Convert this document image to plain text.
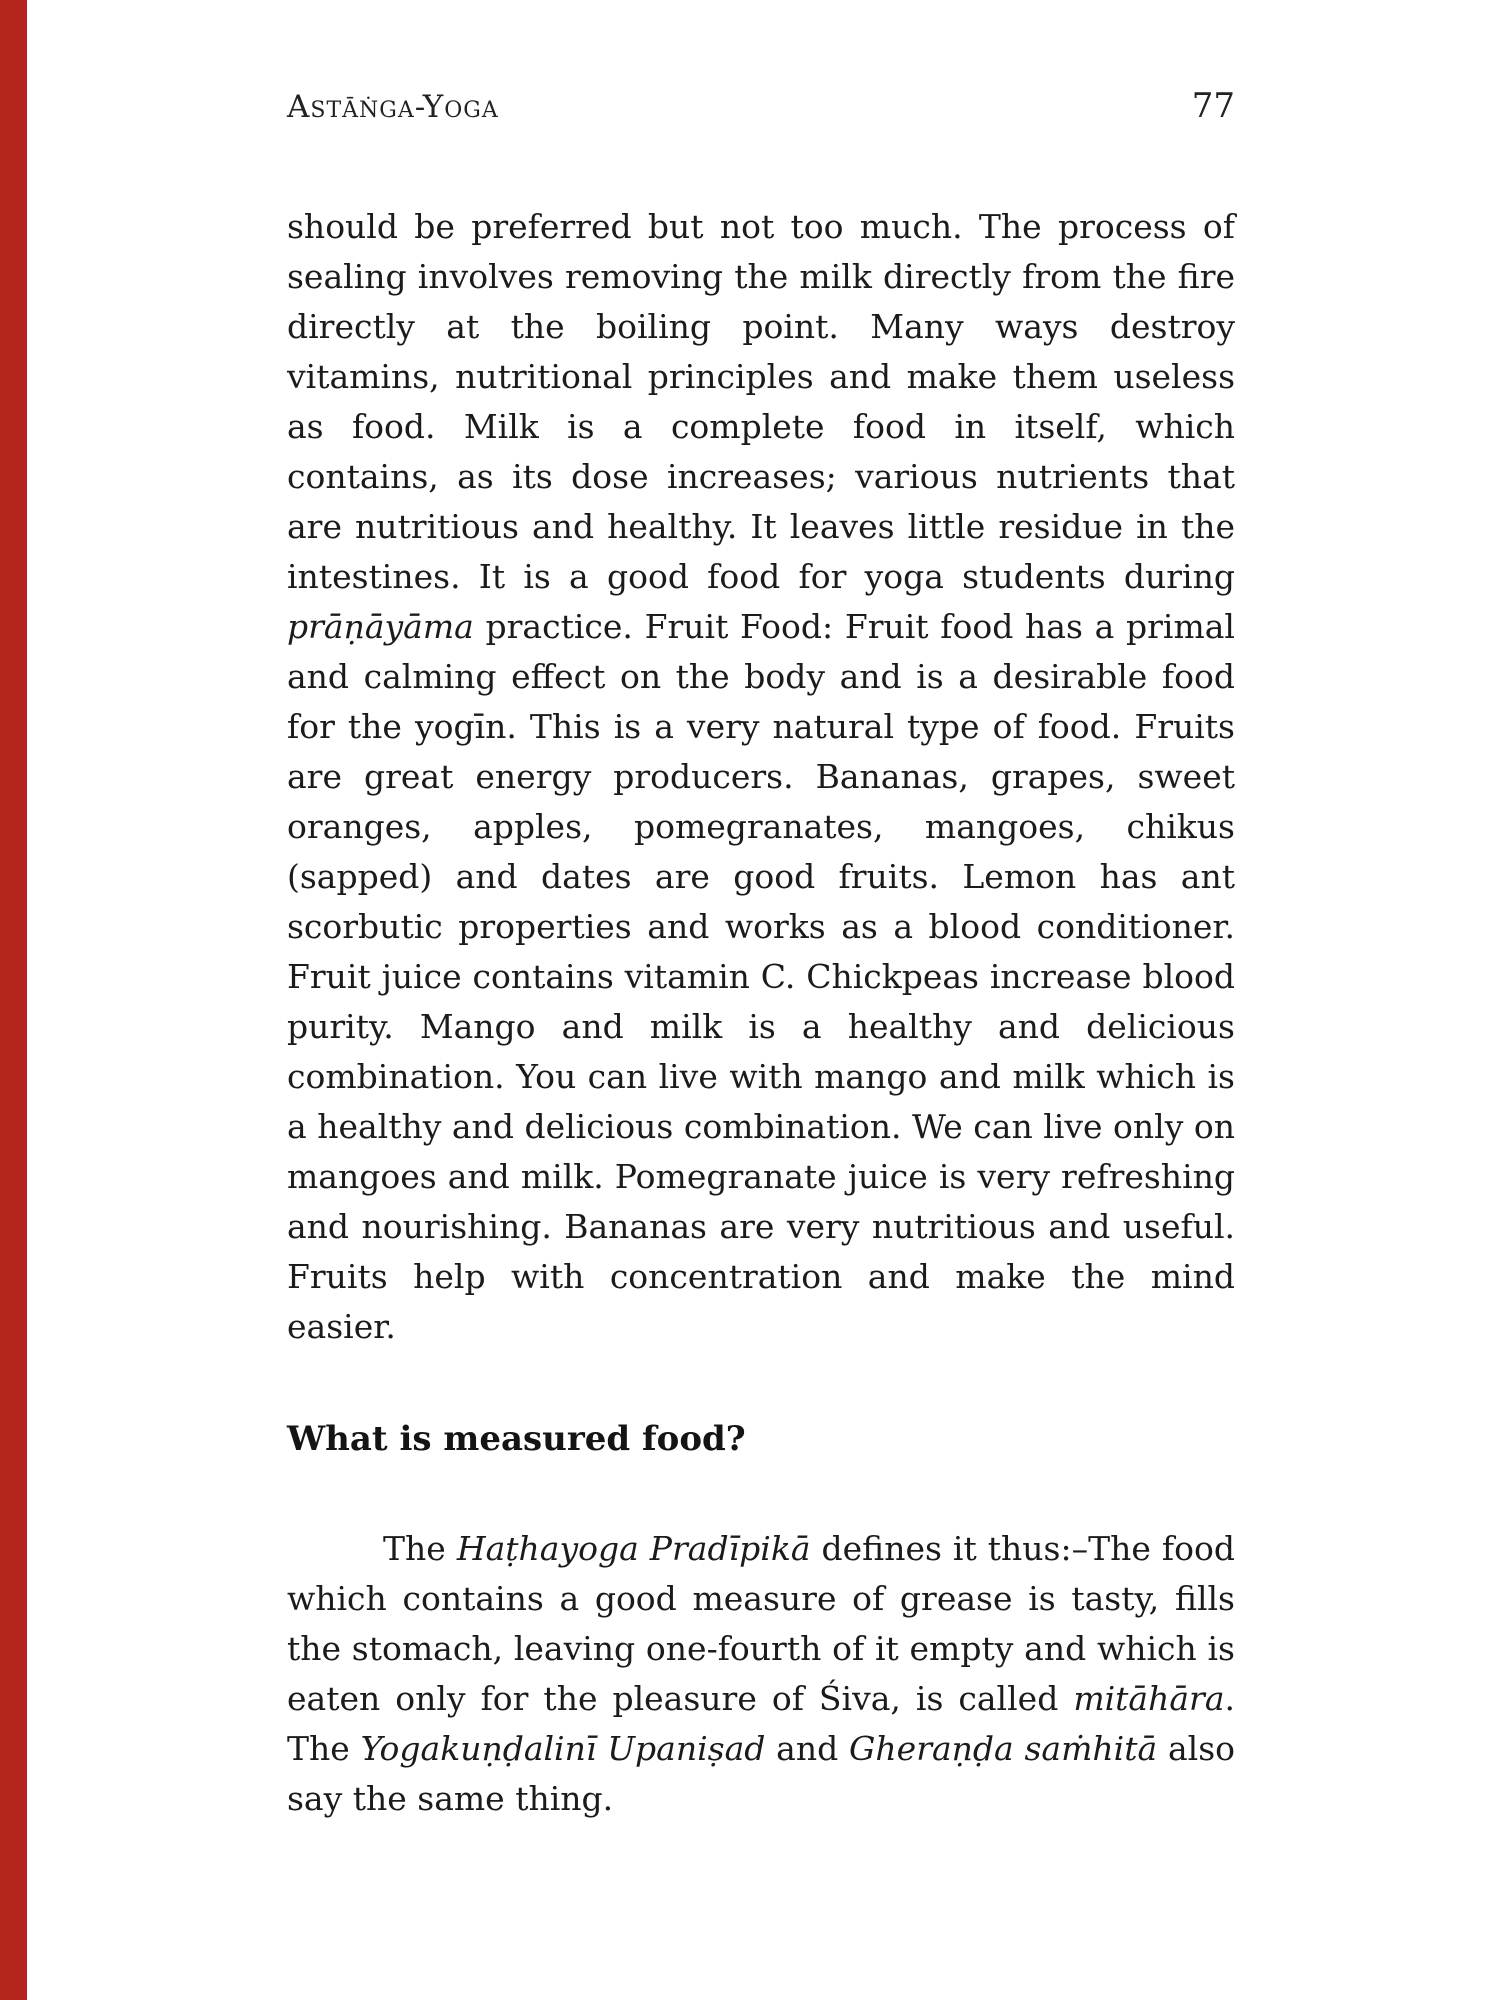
Astāṅga-Yoga	77

should be preferred but not too much. The process of sealing involves removing the milk directly from the fire directly at the boiling point. Many ways destroy vitamins, nutritional principles and make them useless as food. Milk is a complete food in itself, which contains, as its dose increases; various nutrients that are nutritious and healthy. It leaves little residue in the intestines. It is a good food for yoga students during prāṇāyāma practice. Fruit Food: Fruit food has a primal and calming effect on the body and is a desirable food for the yogīn. This is a very natural type of food. Fruits are great energy producers. Bananas, grapes, sweet oranges, apples, pomegranates, mangoes, chikus (sapped) and dates are good fruits. Lemon has ant scorbutic properties and works as a blood conditioner. Fruit juice contains vitamin C. Chickpeas increase blood purity. Mango and milk is a healthy and delicious combination. You can live with mango and milk which is a healthy and delicious combination. We can live only on mangoes and milk. Pomegranate juice is very refreshing and nourishing. Bananas are very nutritious and useful. Fruits help with concentration and make the mind easier.

What is measured food?

The Haṭhayoga Pradīpikā defines it thus:–The food which contains a good measure of grease is tasty, fills the stomach, leaving one-fourth of it empty and which is eaten only for the pleasure of Śiva, is called mitāhāra. The Yogakuṇḍalinī Upaniṣad and Gheraṇḍa saṁhitā also say the same thing.
